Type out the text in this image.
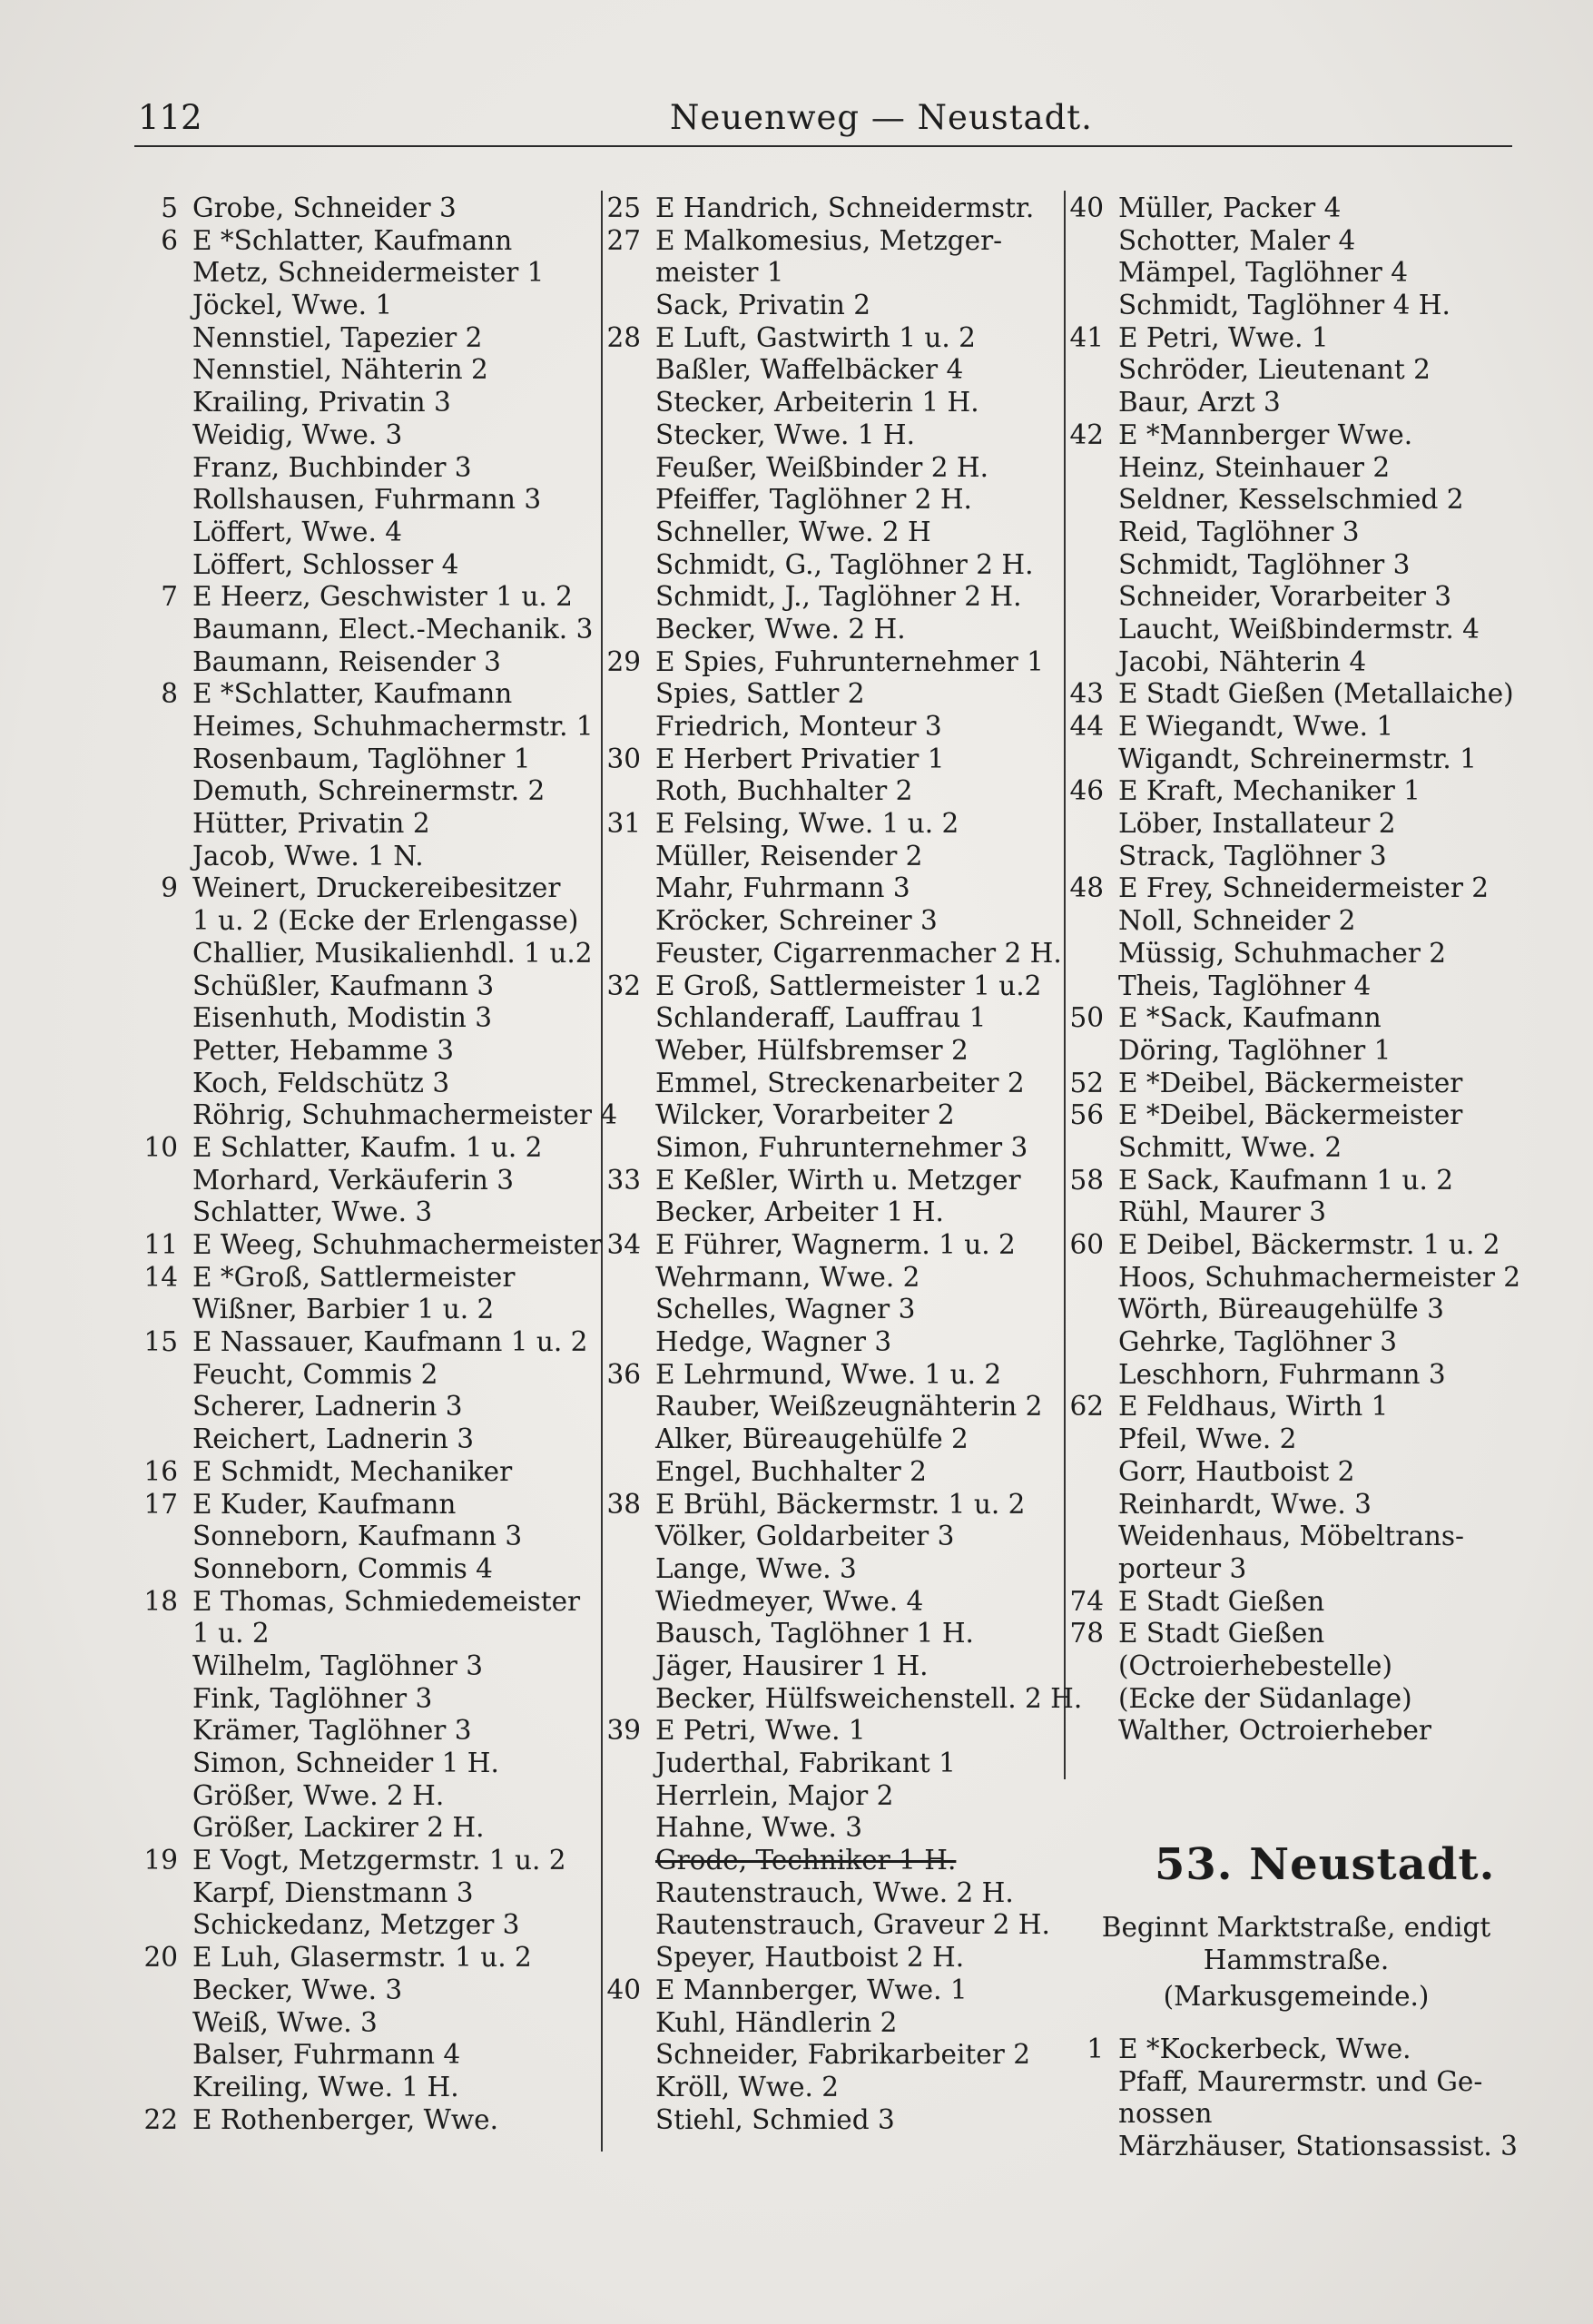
112	Neuenweg — Neustadt.
5 Grobe, Schneider 3
6 E *Schlatter, Kaufmann
Metz, Schneidermeister 1
Jöckel, Wwe. 1
Nennstiel, Tapezier 2
Nennstiel, Nähterin 2
Krailing, Privatin 3
Weidig, Wwe. 3
Franz, Buchbinder 3
Rollshausen, Fuhrmann 3
Löffert, Wwe. 4
Löffert, Schlosser 4
7 E Heerz, Geschwister 1 u. 2
Baumann, Elect.-Mechanik. 3
Baumann, Reisender 3
8 E *Schlatter, Kaufmann
Heimes, Schuhmachermstr. 1
Rosenbaum, Taglöhner 1
Demuth, Schreinermstr. 2
Hütter, Privatin 2
Jacob, Wwe. 1 N.
9 Weinert, Druckereibesitzer
1 u. 2 (Ecke der Erlengasse)
Challier, Musikalienhdl. 1 u.2
Schüßler, Kaufmann 3
Eisenhuth, Modistin 3
Petter, Hebamme 3
Koch, Feldschütz 3
Röhrig, Schuhmachermeister 4
10 E Schlatter, Kaufm. 1 u. 2
Morhard, Verkäuferin 3
Schlatter, Wwe. 3
11 E Weeg, Schuhmachermeister
14 E *Groß, Sattlermeister
Wißner, Barbier 1 u. 2
15 E Nassauer, Kaufmann 1 u. 2
Feucht, Commis 2
Scherer, Ladnerin 3
Reichert, Ladnerin 3
16 E Schmidt, Mechaniker
17 E Kuder, Kaufmann
Sonneborn, Kaufmann 3
Sonneborn, Commis 4
18 E Thomas, Schmiedemeister
1 u. 2
Wilhelm, Taglöhner 3
Fink, Taglöhner 3
Krämer, Taglöhner 3
Simon, Schneider 1 H.
Größer, Wwe. 2 H.
Größer, Lackirer 2 H.
19 E Vogt, Metzgermstr. 1 u. 2
Karpf, Dienstmann 3
Schickedanz, Metzger 3
20 E Luh, Glasermstr. 1 u. 2
Becker, Wwe. 3
Weiß, Wwe. 3
Balser, Fuhrmann 4
Kreiling, Wwe. 1 H.
22 E Rothenberger, Wwe.
25 E Handrich, Schneidermstr.
27 E Malkomesius, Metzger-
meister 1
Sack, Privatin 2
28 E Luft, Gastwirth 1 u. 2
Baßler, Waffelbäcker 4
Stecker, Arbeiterin 1 H.
Stecker, Wwe. 1 H.
Feußer, Weißbinder 2 H.
Pfeiffer, Taglöhner 2 H.
Schneller, Wwe. 2 H
Schmidt, G., Taglöhner 2 H.
Schmidt, J., Taglöhner 2 H.
Becker, Wwe. 2 H.
29 E Spies, Fuhrunternehmer 1
Spies, Sattler 2
Friedrich, Monteur 3
30 E Herbert Privatier 1
Roth, Buchhalter 2
31 E Felsing, Wwe. 1 u. 2
Müller, Reisender 2
Mahr, Fuhrmann 3
Kröcker, Schreiner 3
Feuster, Cigarrenmacher 2 H.
32 E Groß, Sattlermeister 1 u.2
Schlanderaff, Lauffrau 1
Weber, Hülfsbremser 2
Emmel, Streckenarbeiter 2
Wilcker, Vorarbeiter 2
Simon, Fuhrunternehmer 3
33 E Keßler, Wirth u. Metzger
Becker, Arbeiter 1 H.
34 E Führer, Wagnerm. 1 u. 2
Wehrmann, Wwe. 2
Schelles, Wagner 3
Hedge, Wagner 3
36 E Lehrmund, Wwe. 1 u. 2
Rauber, Weißzeugnähterin 2
Alker, Büreaugehülfe 2
Engel, Buchhalter 2
38 E Brühl, Bäckermstr. 1 u. 2
Völker, Goldarbeiter 3
Lange, Wwe. 3
Wiedmeyer, Wwe. 4
Bausch, Taglöhner 1 H.
Jäger, Hausirer 1 H.
Becker, Hülfsweichenstell. 2 H.
39 E Petri, Wwe. 1
Juderthal, Fabrikant 1
Herrlein, Major 2
Hahne, Wwe. 3
Grode, Techniker 1 H.
Rautenstrauch, Wwe. 2 H.
Rautenstrauch, Graveur 2 H.
Speyer, Hautboist 2 H.
40 E Mannberger, Wwe. 1
Kuhl, Händlerin 2
Schneider, Fabrikarbeiter 2
Kröll, Wwe. 2
Stiehl, Schmied 3
40 Müller, Packer 4
Schotter, Maler 4
Mämpel, Taglöhner 4
Schmidt, Taglöhner 4 H.
41 E Petri, Wwe. 1
Schröder, Lieutenant 2
Baur, Arzt 3
42 E *Mannberger Wwe.
Heinz, Steinhauer 2
Seldner, Kesselschmied 2
Reid, Taglöhner 3
Schmidt, Taglöhner 3
Schneider, Vorarbeiter 3
Laucht, Weißbindermstr. 4
Jacobi, Nähterin 4
43 E Stadt Gießen (Metallaiche)
44 E Wiegandt, Wwe. 1
Wigandt, Schreinermstr. 1
46 E Kraft, Mechaniker 1
Löber, Installateur 2
Strack, Taglöhner 3
48 E Frey, Schneidermeister 2
Noll, Schneider 2
Müssig, Schuhmacher 2
Theis, Taglöhner 4
50 E *Sack, Kaufmann
Döring, Taglöhner 1
52 E *Deibel, Bäckermeister
56 E *Deibel, Bäckermeister
Schmitt, Wwe. 2
58 E Sack, Kaufmann 1 u. 2
Rühl, Maurer 3
60 E Deibel, Bäckermstr. 1 u. 2
Hoos, Schuhmachermeister 2
Wörth, Büreaugehülfe 3
Gehrke, Taglöhner 3
Leschhorn, Fuhrmann 3
62 E Feldhaus, Wirth 1
Pfeil, Wwe. 2
Gorr, Hautboist 2
Reinhardt, Wwe. 3
Weidenhaus, Möbeltrans-
porteur 3
74 E Stadt Gießen
78 E Stadt Gießen
(Octroierhebestelle)
(Ecke der Südanlage)
Walther, Octroierheber
53. Neustadt.
Beginnt Marktstraße, endigt
Hammstraße.
(Markusgemeinde.)
1 E *Kockerbeck, Wwe.
Pfaff, Maurermstr. und Ge-
nossen
Märzhäuser, Stationsassist. 3
